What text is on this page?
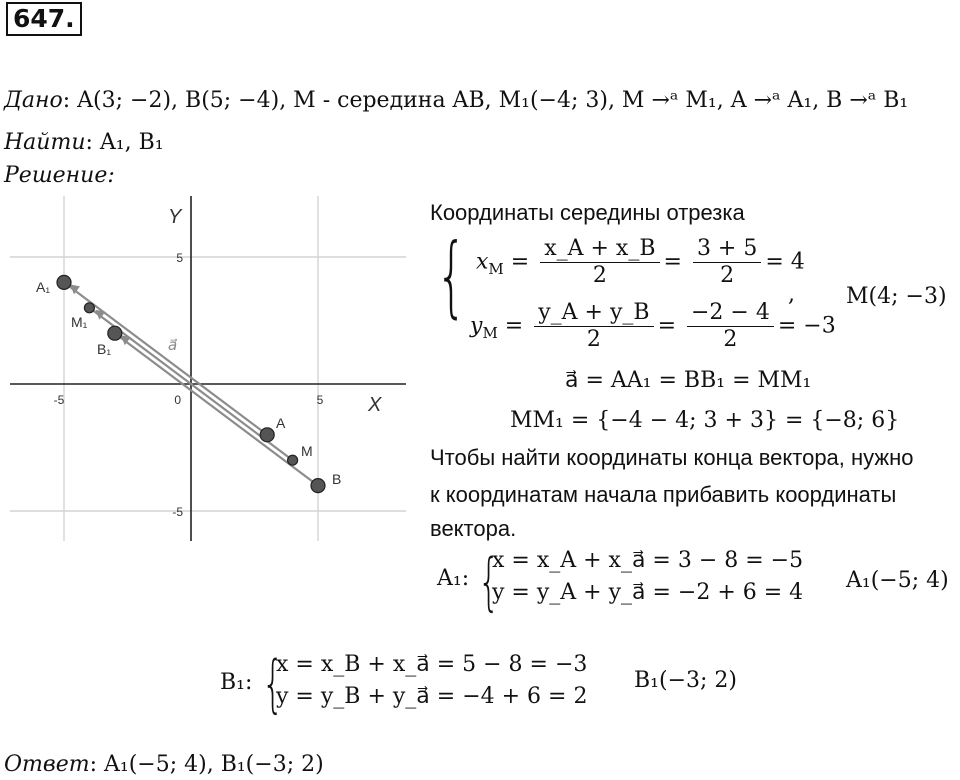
647.
Дано: A(3; −2), B(5; −4), M - середина AB, M₁(−4; 3), M →ᵃ M₁, A →ᵃ A₁, B →ᵃ B₁
Найти: A₁, B₁
Решение:
-5	5
0
5
-5
X
Y
A₁
M₁
B₁
A
M
B
a⃗
Координаты середины отрезка
{ $x_M = \frac{x\_A + x\_B}{2} = \frac{3 + 5}{2} = 4$
$y_M = \frac{y\_A + y\_B}{2} = \frac{-2 - 4}{2} = -3$
, M(4; −3)
a⃗ = AA₁ = BB₁ = MM₁
MM₁ = {−4 − 4; 3 + 3} = {−8; 6}
Чтобы найти координаты конца вектора, нужно
к координатам начала прибавить координаты
вектора.
A₁: {
x = x_A + x_a⃗ = 3 − 8 = −5
y = y_A + y_a⃗ = −2 + 6 = 4 A₁(−5; 4)
B₁: {
x = x_B + x_a⃗ = 5 − 8 = −3
y = y_B + y_a⃗ = −4 + 6 = 2
B₁(−3; 2)
Ответ: A₁(−5; 4), B₁(−3; 2)
